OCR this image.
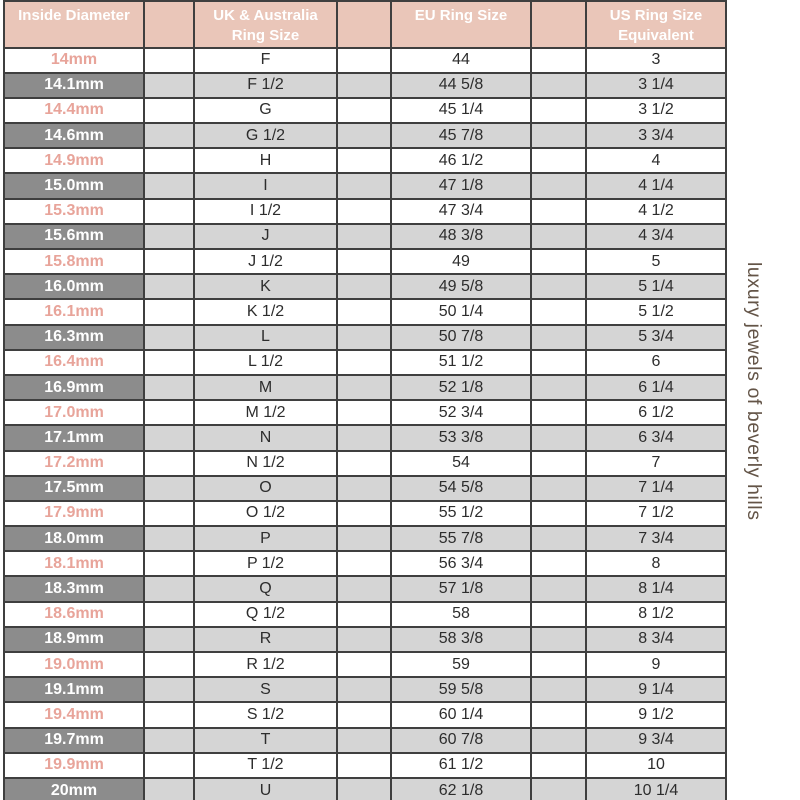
Inside Diameter		UK & Australia Ring Size		EU Ring Size		US Ring Size Equivalent
14mm		F		44		3
14.1mm		F 1/2		44 5/8		3 1/4
14.4mm		G		45 1/4		3 1/2
14.6mm		G 1/2		45 7/8		3 3/4
14.9mm		H		46 1/2		4
15.0mm		I		47 1/8		4 1/4
15.3mm		I 1/2		47 3/4		4 1/2
15.6mm		J		48 3/8		4 3/4
15.8mm		J 1/2		49		5
16.0mm		K		49 5/8		5 1/4
16.1mm		K 1/2		50 1/4		5 1/2
16.3mm		L		50 7/8		5 3/4
16.4mm		L 1/2		51 1/2		6
16.9mm		M		52 1/8		6 1/4
17.0mm		M 1/2		52 3/4		6 1/2
17.1mm		N		53 3/8		6 3/4
17.2mm		N 1/2		54		7
17.5mm		O		54 5/8		7 1/4
17.9mm		O 1/2		55 1/2		7 1/2
18.0mm		P		55 7/8		7 3/4
18.1mm		P 1/2		56 3/4		8
18.3mm		Q		57 1/8		8 1/4
18.6mm		Q 1/2		58		8 1/2
18.9mm		R		58 3/8		8 3/4
19.0mm		R 1/2		59		9
19.1mm		S		59 5/8		9 1/4
19.4mm		S 1/2		60 1/4		9 1/2
19.7mm		T		60 7/8		9 3/4
19.9mm		T 1/2		61 1/2		10
20mm		U		62 1/8		10 1/4
luxury jewels of beverly hills
